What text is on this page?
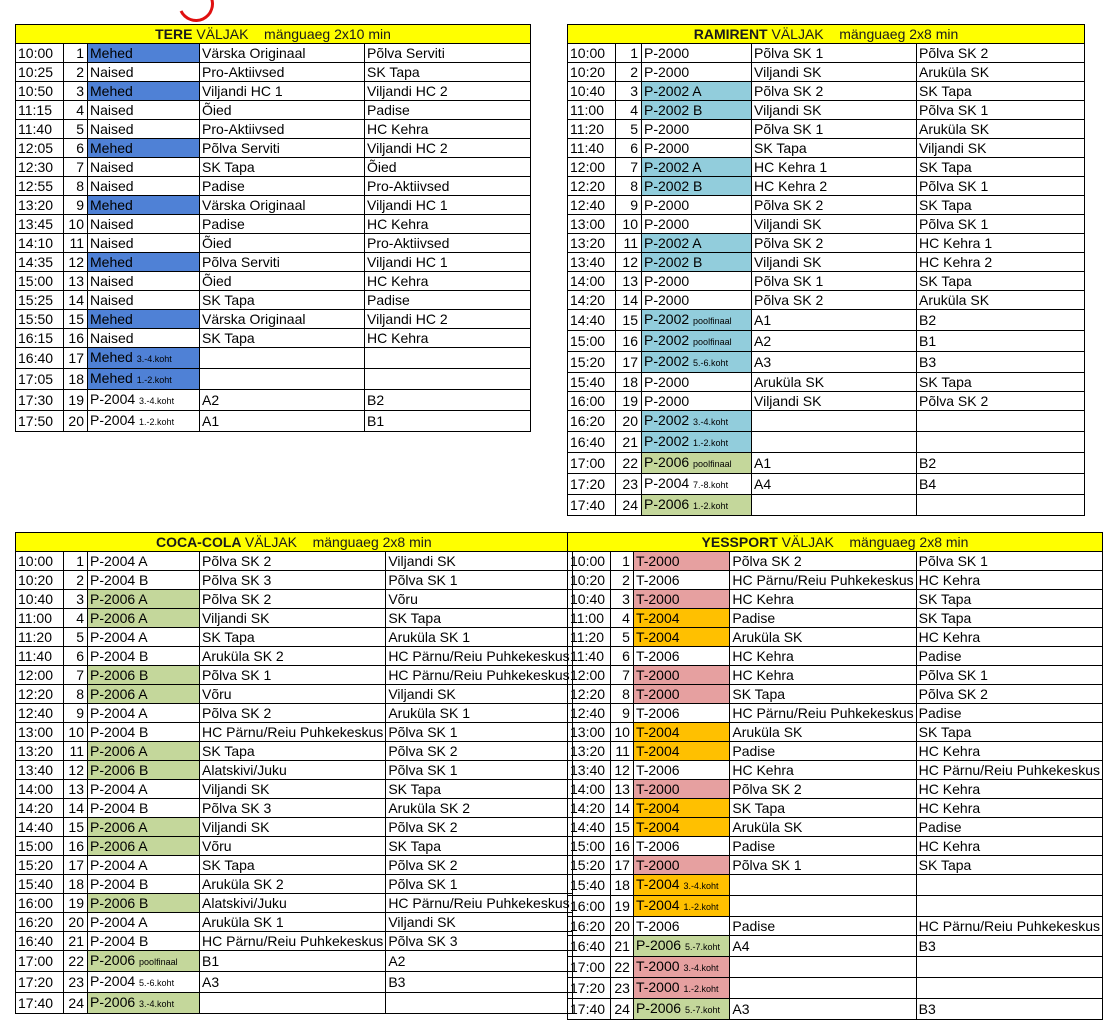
TERE VÄLJAK mänguaeg 2x10 min				
10:00	1	Mehed	Värska Originaal	Põlva Serviti
10:25	2	Naised	Pro-Aktiivsed	SK Tapa
10:50	3	Mehed	Viljandi HC 1	Viljandi HC 2
11:15	4	Naised	Õied	Padise
11:40	5	Naised	Pro-Aktiivsed	HC Kehra
12:05	6	Mehed	Põlva Serviti	Viljandi HC 2
12:30	7	Naised	SK Tapa	Õied
12:55	8	Naised	Padise	Pro-Aktiivsed
13:20	9	Mehed	Värska Originaal	Viljandi HC 1
13:45	10	Naised	Padise	HC Kehra
14:10	11	Naised	Õied	Pro-Aktiivsed
14:35	12	Mehed	Põlva Serviti	Viljandi HC 1
15:00	13	Naised	Õied	HC Kehra
15:25	14	Naised	SK Tapa	Padise
15:50	15	Mehed	Värska Originaal	Viljandi HC 2
16:15	16	Naised	SK Tapa	HC Kehra
16:40	17	Mehed 3.-4.koht		
17:05	18	Mehed 1.-2.koht		
17:30	19	P-2004 3.-4.koht	A2	B2
17:50	20	P-2004 1.-2.koht	A1	B1
RAMIRENT VÄLJAK mänguaeg 2x8 min				
10:00	1	P-2000	Põlva SK 1	Põlva SK 2
10:20	2	P-2000	Viljandi SK	Aruküla SK
10:40	3	P-2002 A	Põlva SK 2	SK Tapa
11:00	4	P-2002 B	Viljandi SK	Põlva SK 1
11:20	5	P-2000	Põlva SK 1	Aruküla SK
11:40	6	P-2000	SK Tapa	Viljandi SK
12:00	7	P-2002 A	HC Kehra 1	SK Tapa
12:20	8	P-2002 B	HC Kehra 2	Põlva SK 1
12:40	9	P-2000	Põlva SK 2	SK Tapa
13:00	10	P-2000	Viljandi SK	Põlva SK 1
13:20	11	P-2002 A	Põlva SK 2	HC Kehra 1
13:40	12	P-2002 B	Viljandi SK	HC Kehra 2
14:00	13	P-2000	Põlva SK 1	SK Tapa
14:20	14	P-2000	Põlva SK 2	Aruküla SK
14:40	15	P-2002 poolfinaal	A1	B2
15:00	16	P-2002 poolfinaal	A2	B1
15:20	17	P-2002 5.-6.koht	A3	B3
15:40	18	P-2000	Aruküla SK	SK Tapa
16:00	19	P-2000	Viljandi SK	Põlva SK 2
16:20	20	P-2002 3.-4.koht		
16:40	21	P-2002 1.-2.koht		
17:00	22	P-2006 poolfinaal	A1	B2
17:20	23	P-2004 7.-8.koht	A4	B4
17:40	24	P-2006 1.-2.koht		
COCA-COLA VÄLJAK mänguaeg 2x8 min				
10:00	1	P-2004 A	Põlva SK 2	Viljandi SK
10:20	2	P-2004 B	Põlva SK 3	Põlva SK 1
10:40	3	P-2006 A	Põlva SK 2	Võru
11:00	4	P-2006 A	Viljandi SK	SK Tapa
11:20	5	P-2004 A	SK Tapa	Aruküla SK 1
11:40	6	P-2004 B	Aruküla SK 2	HC Pärnu/Reiu Puhkekeskus
12:00	7	P-2006 B	Põlva SK 1	HC Pärnu/Reiu Puhkekeskus
12:20	8	P-2006 A	Võru	Viljandi SK
12:40	9	P-2004 A	Põlva SK 2	Aruküla SK 1
13:00	10	P-2004 B	HC Pärnu/Reiu Puhkekeskus	Põlva SK 1
13:20	11	P-2006 A	SK Tapa	Põlva SK 2
13:40	12	P-2006 B	Alatskivi/Juku	Põlva SK 1
14:00	13	P-2004 A	Viljandi SK	SK Tapa
14:20	14	P-2004 B	Põlva SK 3	Aruküla SK 2
14:40	15	P-2006 A	Viljandi SK	Põlva SK 2
15:00	16	P-2006 A	Võru	SK Tapa
15:20	17	P-2004 A	SK Tapa	Põlva SK 2
15:40	18	P-2004 B	Aruküla SK 2	Põlva SK 1
16:00	19	P-2006 B	Alatskivi/Juku	HC Pärnu/Reiu Puhkekeskus
16:20	20	P-2004 A	Aruküla SK 1	Viljandi SK
16:40	21	P-2004 B	HC Pärnu/Reiu Puhkekeskus	Põlva SK 3
17:00	22	P-2006 poolfinaal	B1	A2
17:20	23	P-2004 5.-6.koht	A3	B3
17:40	24	P-2006 3.-4.koht		
YESSPORT VÄLJAK mänguaeg 2x8 min				
10:00	1	T-2000	Põlva SK 2	Põlva SK 1
10:20	2	T-2006	HC Pärnu/Reiu Puhkekeskus	HC Kehra
10:40	3	T-2000	HC Kehra	SK Tapa
11:00	4	T-2004	Padise	SK Tapa
11:20	5	T-2004	Aruküla SK	HC Kehra
11:40	6	T-2006	HC Kehra	Padise
12:00	7	T-2000	HC Kehra	Põlva SK 1
12:20	8	T-2000	SK Tapa	Põlva SK 2
12:40	9	T-2006	HC Pärnu/Reiu Puhkekeskus	Padise
13:00	10	T-2004	Aruküla SK	SK Tapa
13:20	11	T-2004	Padise	HC Kehra
13:40	12	T-2006	HC Kehra	HC Pärnu/Reiu Puhkekeskus
14:00	13	T-2000	Põlva SK 2	HC Kehra
14:20	14	T-2004	SK Tapa	HC Kehra
14:40	15	T-2004	Aruküla SK	Padise
15:00	16	T-2006	Padise	HC Kehra
15:20	17	T-2000	Põlva SK 1	SK Tapa
15:40	18	T-2004 3.-4.koht		
16:00	19	T-2004 1.-2.koht		
16:20	20	T-2006	Padise	HC Pärnu/Reiu Puhkekeskus
16:40	21	P-2006 5.-7.koht	A4	B3
17:00	22	T-2000 3.-4.koht		
17:20	23	T-2000 1.-2.koht		
17:40	24	P-2006 5.-7.koht	A3	B3
